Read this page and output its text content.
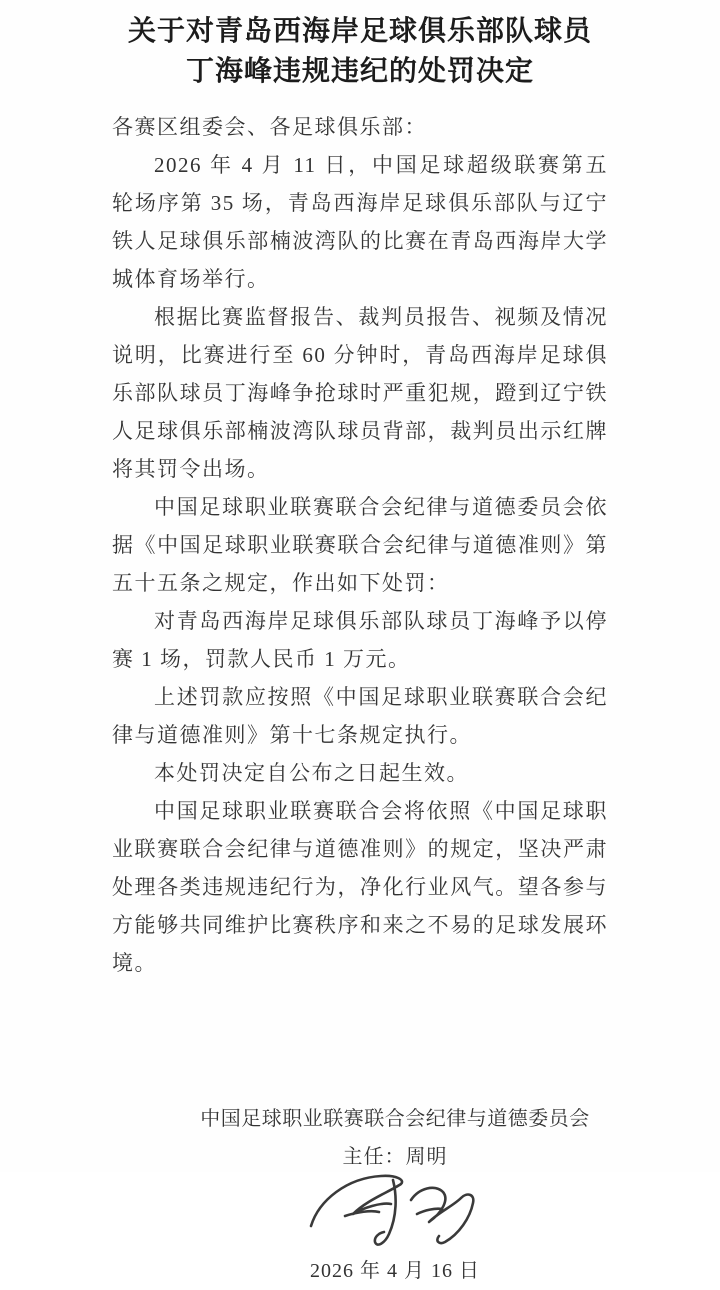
关于对青岛西海岸足球俱乐部队球员
丁海峰违规违纪的处罚决定

各赛区组委会、各足球俱乐部：

2026 年 4 月 11 日，中国足球超级联赛第五轮场序第 35 场，青岛西海岸足球俱乐部队与辽宁铁人足球俱乐部楠波湾队的比赛在青岛西海岸大学城体育场举行。

根据比赛监督报告、裁判员报告、视频及情况说明，比赛进行至 60 分钟时，青岛西海岸足球俱乐部队球员丁海峰争抢球时严重犯规，蹬到辽宁铁人足球俱乐部楠波湾队球员背部，裁判员出示红牌将其罚令出场。

中国足球职业联赛联合会纪律与道德委员会依据《中国足球职业联赛联合会纪律与道德准则》第五十五条之规定，作出如下处罚：

对青岛西海岸足球俱乐部队球员丁海峰予以停赛 1 场，罚款人民币 1 万元。

上述罚款应按照《中国足球职业联赛联合会纪律与道德准则》第十七条规定执行。

本处罚决定自公布之日起生效。

中国足球职业联赛联合会将依照《中国足球职业联赛联合会纪律与道德准则》的规定，坚决严肃处理各类违规违纪行为，净化行业风气。望各参与方能够共同维护比赛秩序和来之不易的足球发展环境。

中国足球职业联赛联合会纪律与道德委员会
主任：周明
2026 年 4 月 16 日
